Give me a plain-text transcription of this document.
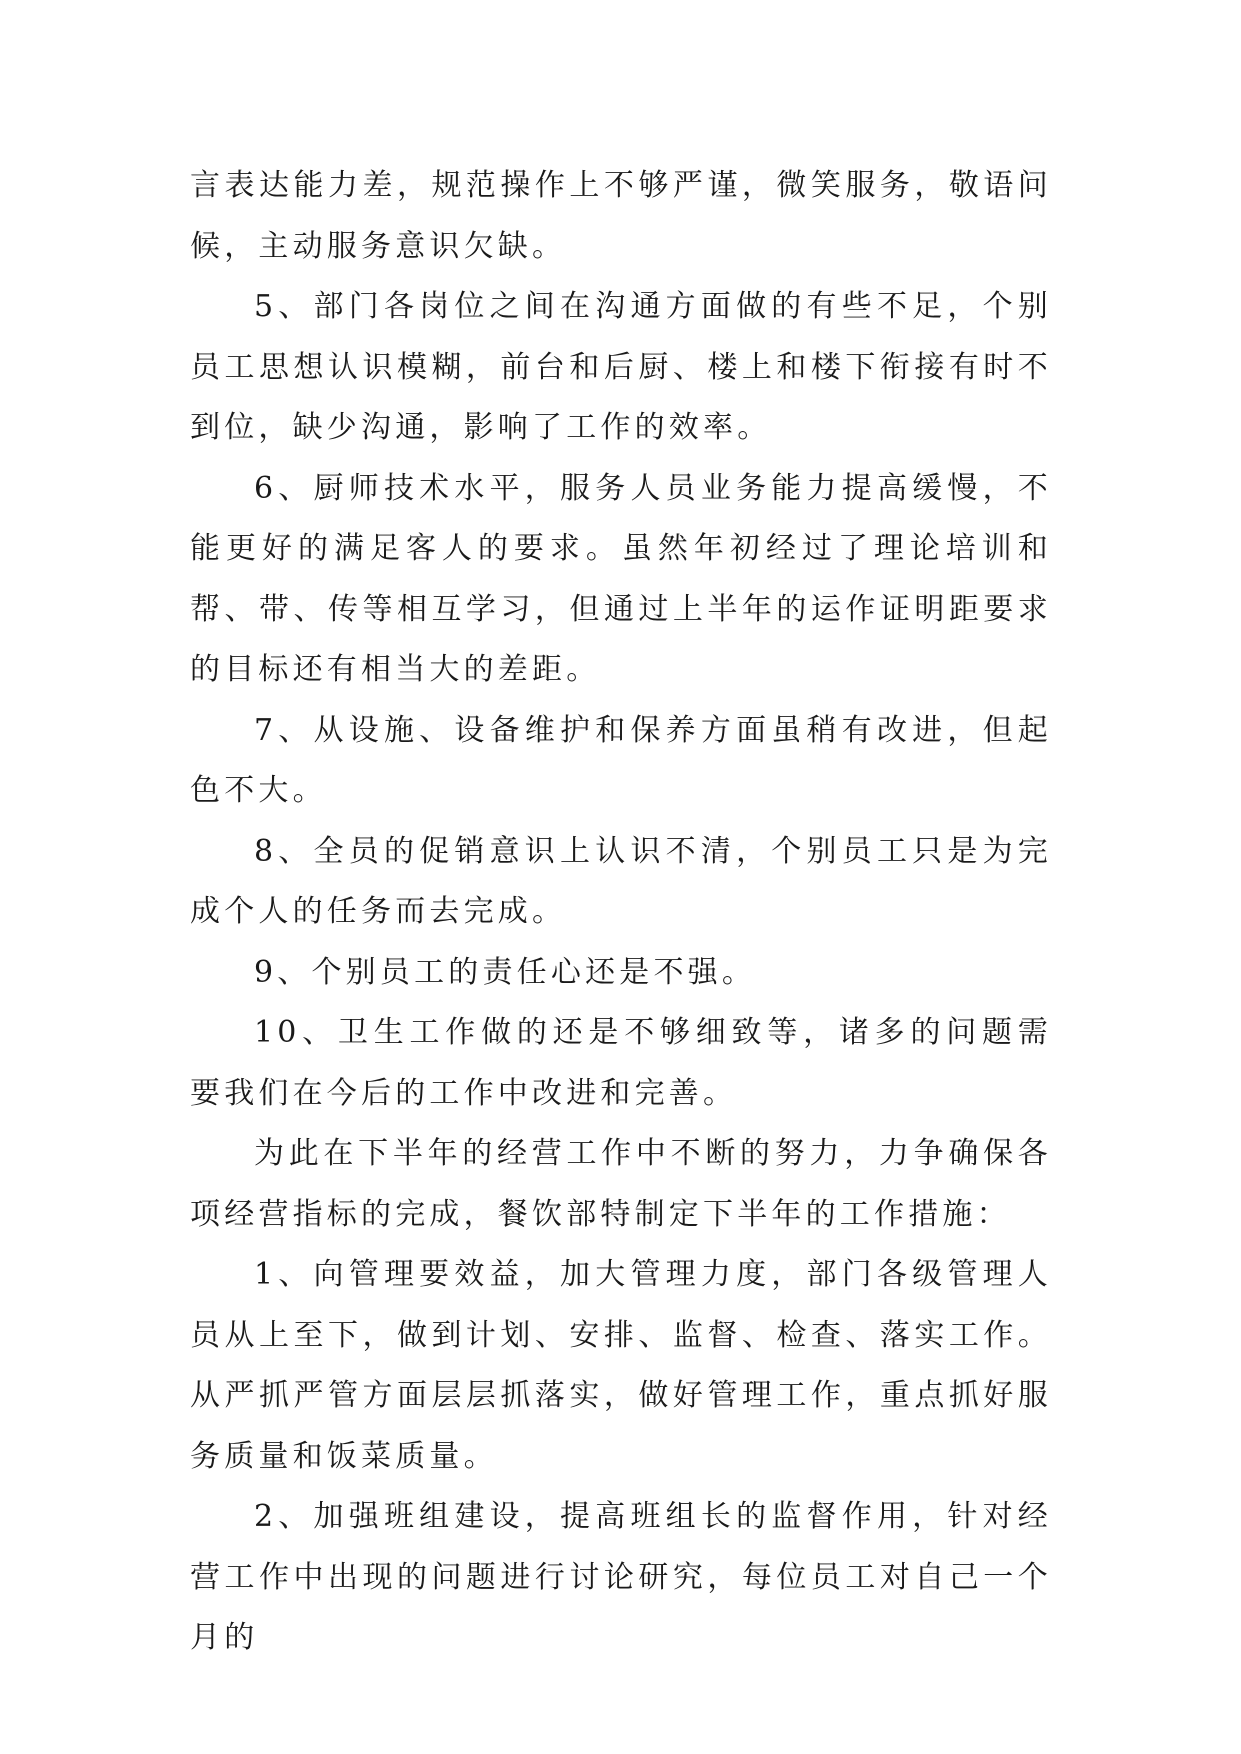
言表达能力差，规范操作上不够严谨，微笑服务，敬语问候，主动服务意识欠缺。

5、部门各岗位之间在沟通方面做的有些不足，个别员工思想认识模糊，前台和后厨、楼上和楼下衔接有时不到位，缺少沟通，影响了工作的效率。

6、厨师技术水平，服务人员业务能力提高缓慢，不能更好的满足客人的要求。虽然年初经过了理论培训和帮、带、传等相互学习，但通过上半年的运作证明距要求的目标还有相当大的差距。

7、从设施、设备维护和保养方面虽稍有改进，但起色不大。

8、全员的促销意识上认识不清，个别员工只是为完成个人的任务而去完成。

9、个别员工的责任心还是不强。

10、卫生工作做的还是不够细致等，诸多的问题需要我们在今后的工作中改进和完善。

为此在下半年的经营工作中不断的努力，力争确保各项经营指标的完成，餐饮部特制定下半年的工作措施：

1、向管理要效益，加大管理力度，部门各级管理人员从上至下，做到计划、安排、监督、检查、落实工作。从严抓严管方面层层抓落实，做好管理工作，重点抓好服务质量和饭菜质量。

2、加强班组建设，提高班组长的监督作用，针对经营工作中出现的问题进行讨论研究，每位员工对自己一个月的
